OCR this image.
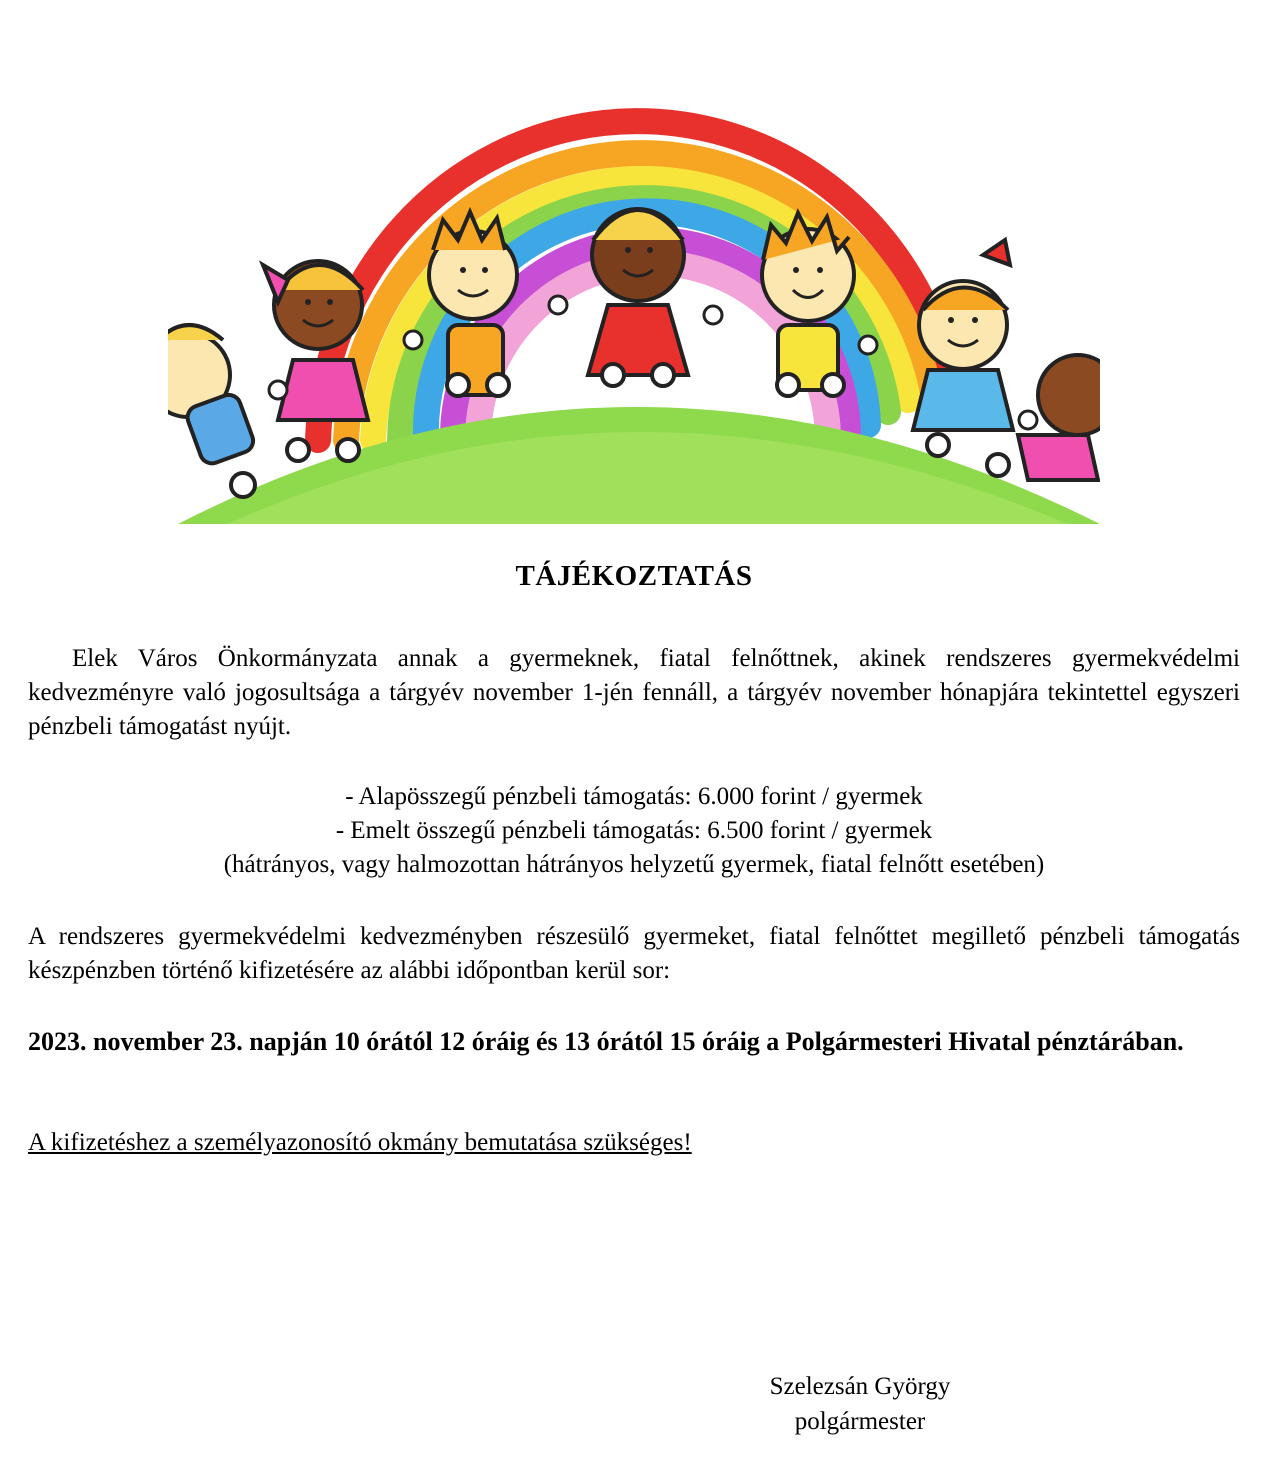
TÁJÉKOZTATÁS
Elek Város Önkormányzata annak a gyermeknek, fiatal felnőttnek, akinek rendszeres gyermekvédelmi kedvezményre való jogosultsága a tárgyév november 1-jén fennáll, a tárgyév november hónapjára tekintettel egyszeri pénzbeli támogatást nyújt.
- Alapösszegű pénzbeli támogatás: 6.000 forint / gyermek
- Emelt összegű pénzbeli támogatás: 6.500 forint / gyermek
(hátrányos, vagy halmozottan hátrányos helyzetű gyermek, fiatal felnőtt esetében)
A rendszeres gyermekvédelmi kedvezményben részesülő gyermeket, fiatal felnőttet megillető pénzbeli támogatás készpénzben történő kifizetésére az alábbi időpontban kerül sor:
2023. november 23. napján 10 órától 12 óráig és 13 órától 15 óráig a Polgármesteri Hivatal pénztárában.
A kifizetéshez a személyazonosító okmány bemutatása szükséges!
Szelezsán György
polgármester
